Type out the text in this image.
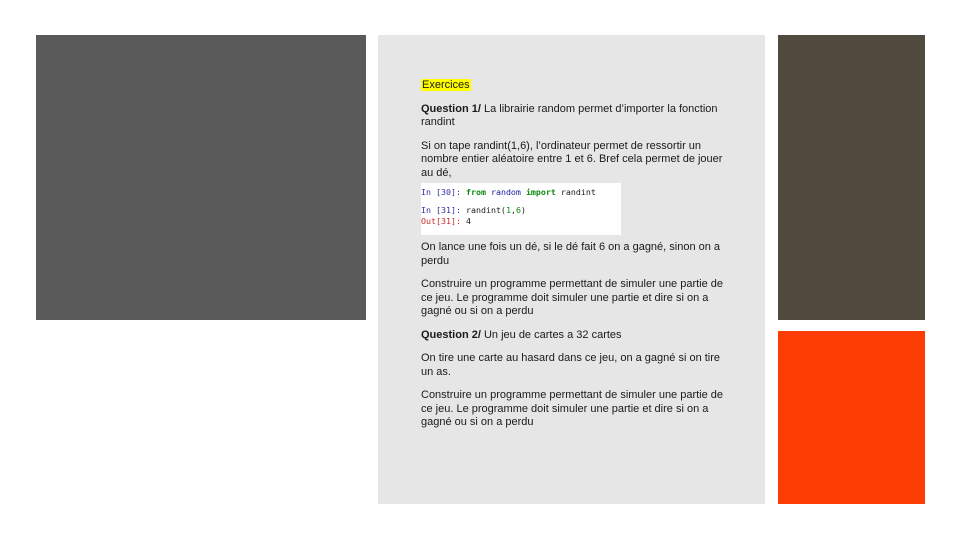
Exercices

Question 1/ La librairie random permet d’importer la fonction randint

Si on tape randint(1,6), l’ordinateur permet de ressortir un nombre entier aléatoire entre 1 et 6. Bref cela permet de jouer au dé,

In [30]: from random import randint
In [31]: randint(1,6)
Out[31]: 4

On lance une fois un dé, si le dé fait 6 on a gagné, sinon on a perdu

Construire un programme permettant de simuler une partie de ce jeu. Le programme doit simuler une partie et dire si on a gagné ou si on a perdu

Question 2/ Un jeu de cartes a 32 cartes

On tire une carte au hasard dans ce jeu, on a gagné si on tire un as.

Construire un programme permettant de simuler une partie de ce jeu. Le programme doit simuler une partie et dire si on a gagné ou si on a perdu
